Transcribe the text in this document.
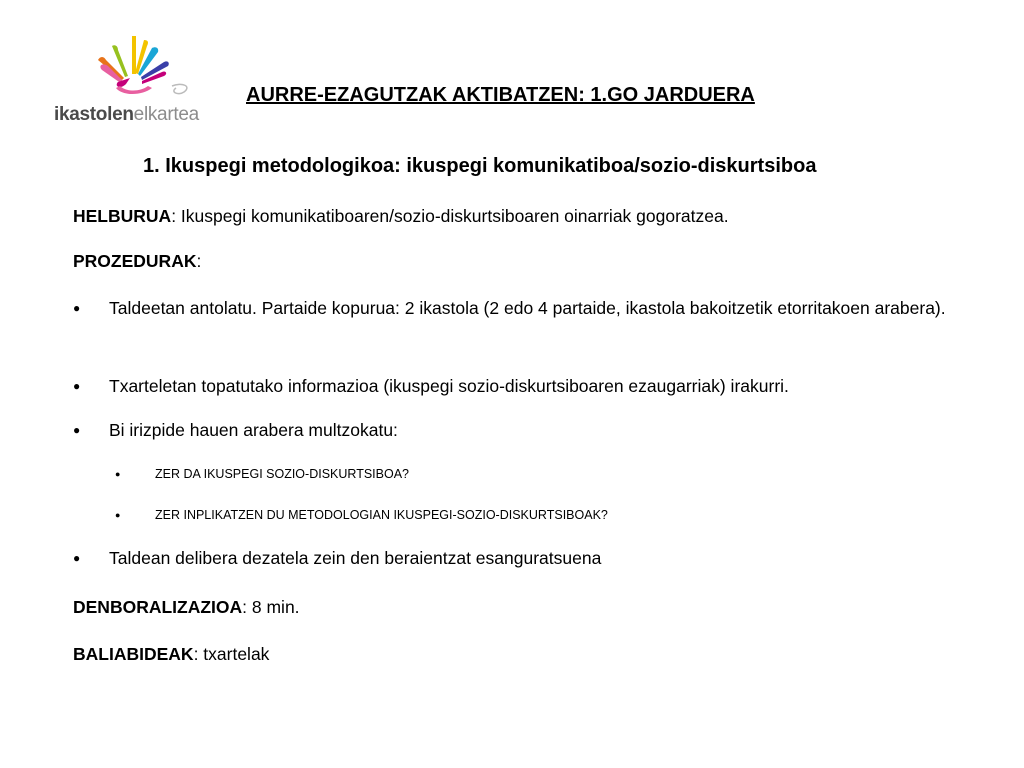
ikastolenelkartea
AURRE-EZAGUTZAK AKTIBATZEN: 1.GO JARDUERA
1. Ikuspegi metodologikoa: ikuspegi komunikatiboa/sozio-diskurtsiboa
HELBURUA: Ikuspegi komunikatiboaren/sozio-diskurtsiboaren oinarriak gogoratzea.
PROZEDURAK:
● Taldeetan antolatu. Partaide kopurua: 2 ikastola (2 edo 4 partaide, ikastola bakoitzetik etorritakoen arabera).
● Txarteletan topatutako informazioa (ikuspegi sozio-diskurtsiboaren ezaugarriak) irakurri.
● Bi irizpide hauen arabera multzokatu:
●	ZER DA IKUSPEGI SOZIO-DISKURTSIBOA?
●	ZER INPLIKATZEN DU METODOLOGIAN IKUSPEGI-SOZIO-DISKURTSIBOAK?
● Taldean delibera dezatela zein den beraientzat esanguratsuena
DENBORALIZAZIOA: 8 min.
BALIABIDEAK: txartelak
